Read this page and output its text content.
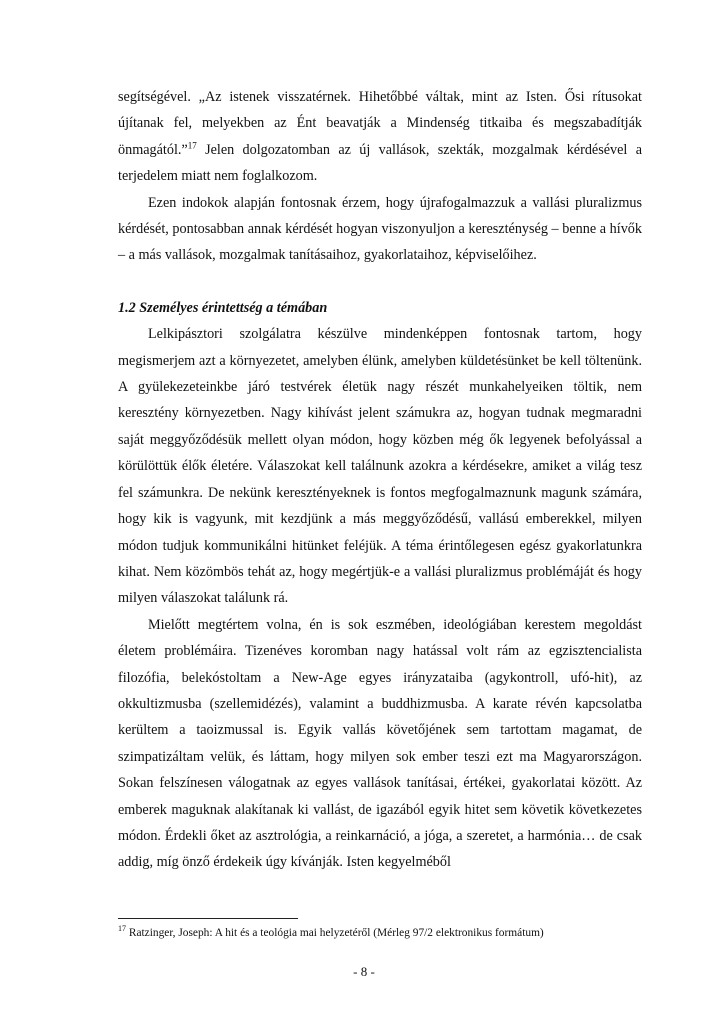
segítségével. „Az istenek visszatérnek. Hihetőbbé váltak, mint az Isten. Ősi rítusokat újítanak fel, melyekben az Ént beavatják a Mindenség titkaiba és megszabadítják önmagától.”$^{17}$ Jelen dolgozatomban az új vallások, szekták, mozgalmak kérdésével a terjedelem miatt nem foglalkozom.

Ezen indokok alapján fontosnak érzem, hogy újrafogalmazzuk a vallási pluralizmus kérdését, pontosabban annak kérdését hogyan viszonyuljon a kereszténység – benne a hívők – a más vallások, mozgalmak tanításaihoz, gyakorlataihoz, képviselőihez.

1.2 Személyes érintettség a témában

Lelkipásztori szolgálatra készülve mindenképpen fontosnak tartom, hogy megismerjem azt a környezetet, amelyben élünk, amelyben küldetésünket be kell töltenünk. A gyülekezeteinkbe járó testvérek életük nagy részét munkahelyeiken töltik, nem keresztény környezetben. Nagy kihívást jelent számukra az, hogyan tudnak megmaradni saját meggyőződésük mellett olyan módon, hogy közben még ők legyenek befolyással a körülöttük élők életére. Válaszokat kell találnunk azokra a kérdésekre, amiket a világ tesz fel számunkra. De nekünk keresztényeknek is fontos megfogalmaznunk magunk számára, hogy kik is vagyunk, mit kezdjünk a más meggyőződésű, vallású emberekkel, milyen módon tudjuk kommunikálni hitünket feléjük. A téma érintőlegesen egész gyakorlatunkra kihat. Nem közömbös tehát az, hogy megértjük-e a vallási pluralizmus problémáját és hogy milyen válaszokat találunk rá.

Mielőtt megtértem volna, én is sok eszmében, ideológiában kerestem megoldást életem problémáira. Tizenéves koromban nagy hatással volt rám az egzisztencialista filozófia, belekóstoltam a New-Age egyes irányzataiba (agykontroll, ufó-hit), az okkultizmusba (szellemidézés), valamint a buddhizmusba. A karate révén kapcsolatba kerültem a taoizmussal is. Egyik vallás követőjének sem tartottam magamat, de szimpatizáltam velük, és láttam, hogy milyen sok ember teszi ezt ma Magyarországon. Sokan felszínesen válogatnak az egyes vallások tanításai, értékei, gyakorlatai között. Az emberek maguknak alakítanak ki vallást, de igazából egyik hitet sem követik következetes módon. Érdekli őket az asztrológia, a reinkarnáció, a jóga, a szeretet, a harmónia… de csak addig, míg önző érdekeik úgy kívánják. Isten kegyelméből

$^{17}$ Ratzinger, Joseph: A hit és a teológia mai helyzetéről (Mérleg 97/2 elektronikus formátum)
- 8 -
